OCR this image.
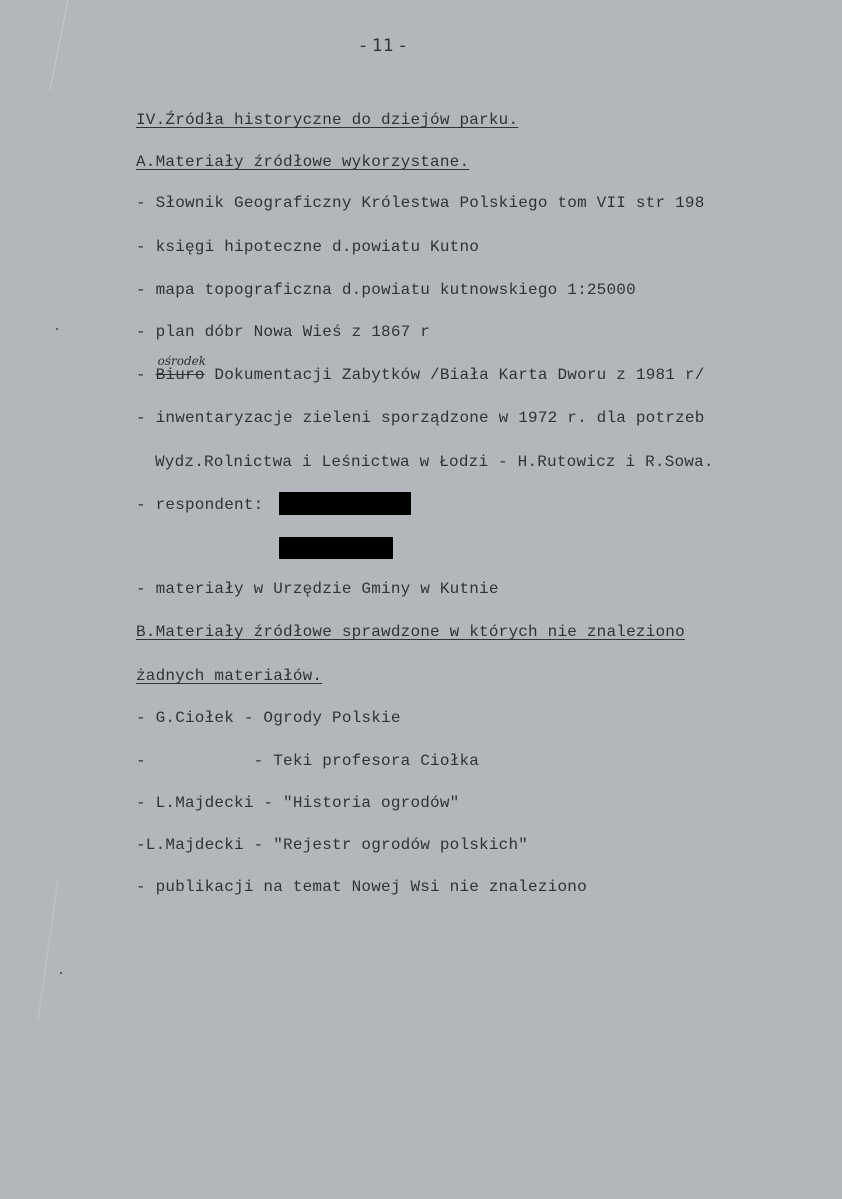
- 11 -
IV.Źródła historyczne do dziejów parku.
A.Materiały źródłowe wykorzystane.
- Słownik Geograficzny Królestwa Polskiego tom VII str 198
- księgi hipoteczne d.powiatu Kutno
- mapa topograficzna d.powiatu kutnowskiego 1:25000
- plan dóbr Nowa Wieś z 1867 r
- Biuro
ośrodek
Dokumentacji Zabytków /Biała Karta Dworu z 1981 r/
- inwentaryzacje zieleni sporządzone w 1972 r. dla potrzeb
Wydz.Rolnictwa i Leśnictwa w Łodzi - H.Rutowicz i R.Sowa.
- respondent:
- materiały w Urzędzie Gminy w Kutnie
B.Materiały źródłowe sprawdzone w których nie znaleziono
żadnych materiałów.
- G.Ciołek - Ogrody Polskie
-           - Teki profesora Ciołka
- L.Majdecki - "Historia ogrodów"
-L.Majdecki - "Rejestr ogrodów polskich"
- publikacji na temat Nowej Wsi nie znaleziono
